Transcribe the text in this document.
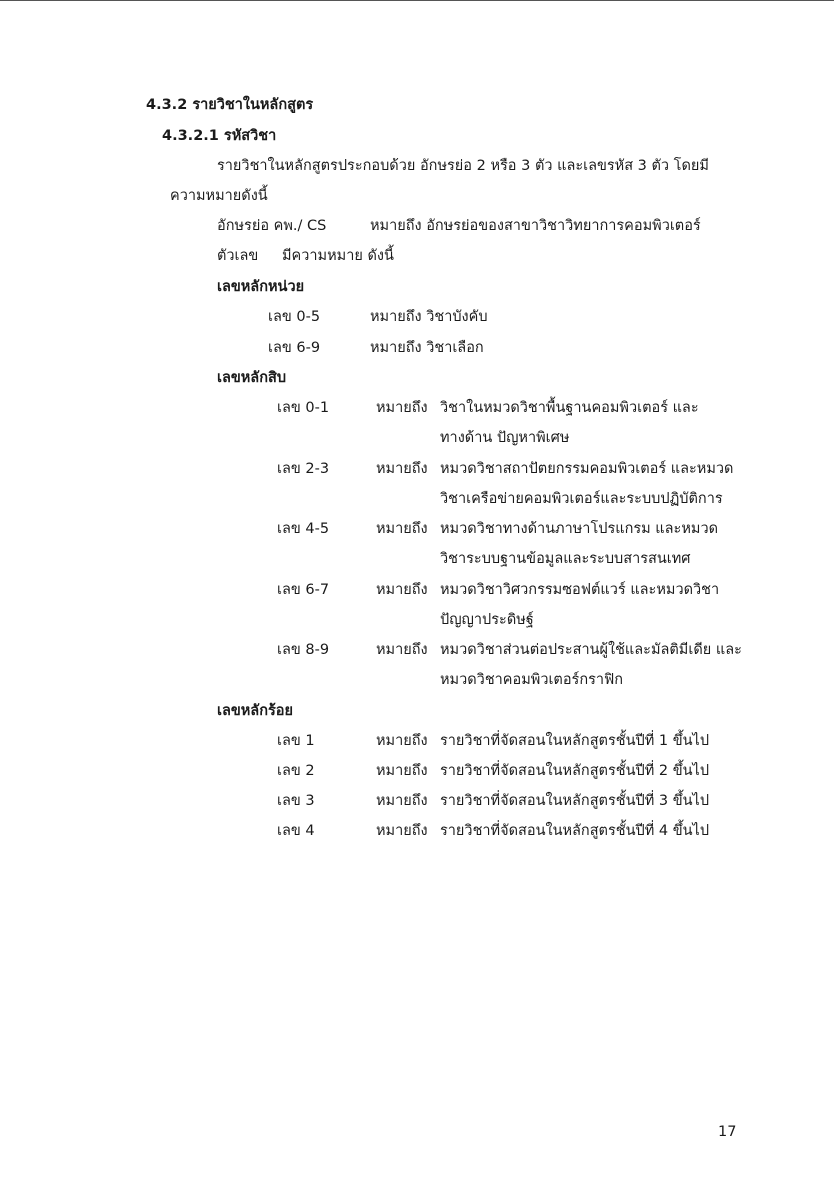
4.3.2 รายวิชาในหลักสูตร
4.3.2.1 รหัสวิชา
รายวิชาในหลักสูตรประกอบด้วย อักษรย่อ 2 หรือ 3 ตัว และเลขรหัส 3 ตัว โดยมี
ความหมายดังนี้
อักษรย่อ คพ./ CS	หมายถึง อักษรย่อของสาขาวิชาวิทยาการคอมพิวเตอร์
ตัวเลข มีความหมาย ดังนี้
เลขหลักหน่วย
เลข 0-5	หมายถึง วิชาบังคับ
เลข 6-9	หมายถึง วิชาเลือก
เลขหลักสิบ
เลข 0-1	หมายถึง วิชาในหมวดวิชาพื้นฐานคอมพิวเตอร์ และ
ทางด้าน ปัญหาพิเศษ
เลข 2-3	หมายถึง หมวดวิชาสถาปัตยกรรมคอมพิวเตอร์ และหมวด
วิชาเครือข่ายคอมพิวเตอร์และระบบปฏิบัติการ
เลข 4-5	หมายถึง หมวดวิชาทางด้านภาษาโปรแกรม และหมวด
วิชาระบบฐานข้อมูลและระบบสารสนเทศ
เลข 6-7	หมายถึง หมวดวิชาวิศวกรรมซอฟต์แวร์ และหมวดวิชา
ปัญญาประดิษฐ์
เลข 8-9	หมายถึง หมวดวิชาส่วนต่อประสานผู้ใช้และมัลติมีเดีย และ
หมวดวิชาคอมพิวเตอร์กราฟิก
เลขหลักร้อย
เลข 1	หมายถึง รายวิชาที่จัดสอนในหลักสูตรชั้นปีที่ 1 ขึ้นไป
เลข 2	หมายถึง รายวิชาที่จัดสอนในหลักสูตรชั้นปีที่ 2 ขึ้นไป
เลข 3	หมายถึง รายวิชาที่จัดสอนในหลักสูตรชั้นปีที่ 3 ขึ้นไป
เลข 4	หมายถึง รายวิชาที่จัดสอนในหลักสูตรชั้นปีที่ 4 ขึ้นไป
17
